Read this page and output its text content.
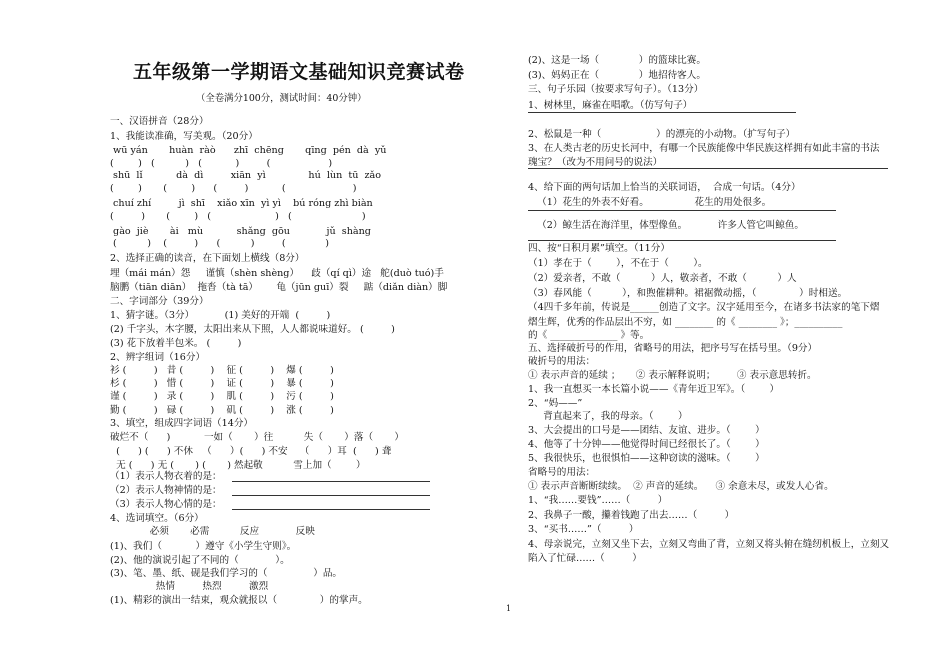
五年级第一学期语文基础知识竞赛试卷
（全卷满分100分，测试时间：40分钟）
一、汉语拼音（28分）
1、我能读准确，写美观。（20分）
wū yán       huàn  ràò      zhī  chēng       qīng  pén  dà  yǔ
(        )   (          )   (           )         (                   )
shū  lǐ           dà  dì         xiān  yì              hú  lùn  tū  zǎo
(        )       (        )      (         )           (                      )
chuí zhí         jì  shī    xiǎo xīn  yì yì    bú róng zhì biàn
(         )       (        )   (                     )   (                       )
gào  jiè       ài   mù           shǎng  gōu            jǔ  shàng
(          )    (         )      (          )         (             )
2、选择正确的读音，在下面划上横线（8分）
埋（mái mán）怨     谨慎（shèn shèng）    歧（qí qì）途   舵(duò tuó)手
脑鹏（tiān diān）  拖沓（tà tā）      龟（jūn guī）裂     踮（diǎn diàn）脚
二、字词部分（39分）
1、猜字谜。（3分）          (1) 美好的开端  (         )
(2) 千字头，木字腰，太阳出来从下照，人人都说味道好。 (         )
(3) 花下放着半包米。 (         )
2、辨字组词（16分）
衫 (         )   昔 (         )    征 (         )    爆 (         )
杉 (         )   惜 (         )    证 (         )    暴 (         )
谨 (         )   录 (         )    肌 (         )    污 (         )
勤 (         )   碌 (         )    矶 (         )    涨 (         )
3、填空，组成四字词语（14分）
破烂不（      )           一如（       ）往          失（       ）落（       ）
(      ) (      ) 不休   （      ）(      ) 不安    （      ）耳  (      ) 聋
无 (      ) 无 (       ) (       ) 然起敬          雪上加（        ）
（1）表示人物衣着的是：
（2）表示人物神情的是：
（3）表示人物心情的是：
4、选词填空。（6分）
必须       必需          反应            反映
(1)、我们（           ）遵守《小学生守则》。
(2)、他的演说引起了不同的（            ）。
(3)、笔、墨、纸、砚是我们学习的（               ）品。
热情         热烈         激烈
(1)、精彩的演出一结束，观众就报以（              ）的掌声。
(2)、这是一场（             ）的篮球比赛。
(3)、妈妈正在（             ）地招待客人。
三、句子乐园（按要求写句子）。（13分）
1、树林里，麻雀在唱歌。（仿写句子）
2、松鼠是一种（                  ）的漂亮的小动物。（扩写句子）
3、在人类古老的历史长河中，有哪一个民族能像中华民族这样拥有如此丰富的书法
瑰宝？（改为不用问号的说法）
4、给下面的两句话加上恰当的关联词语，  合成一句话。（4分）
（1）花生的外表不好看。               花生的用处很多。
（2）鲸生活在海洋里，体型像鱼。          许多人管它叫鲸鱼。
四、按“日积月累”填空。（11分）
（1）孝在于（        ），不在于（        ）。
（2）爱亲者，不敢（          ）人，敬亲者，不敢（          ）人
（3）春风能（          ），和煦催耕种。裙裾微动摇，（              ）时相送。
（4四千多年前，传说是______创造了文字。汉字延用至今，在诸多书法家的笔下熠
熠生辉，优秀的作品层出不穷，如 ________ 的《 ________ 》；__________
的《 ______________ 》等。
五、选择破折号的作用，省略号的用法，把序号写在括号里。（9分）
破折号的用法：
① 表示声音的延续 ；     ② 表示解释说明；       ③ 表示意思转折。
1、我一直想买一本长篇小说——《青年近卫军》。（        ）
2、“妈——”
背直起来了，我的母亲。（        ）
3、大会提出的口号是——团结、友谊、进步。（        ）
4、他等了十分钟——他觉得时间已经很长了。（        ）
5、我很快乐，也很惧怕——这种窃读的滋味。（        ）
省略号的用法：
① 表示声音断断续续。  ② 声音的延续。    ③ 余意未尽，或发人心省。
1、“我……要钱”……（         ）
2、我鼻子一酸，攥着钱跑了出去……（         ）
3、“买书……”（         ）
4、母亲说完，立刻又坐下去，立刻又弯曲了背，立刻又将头俯在缝纫机板上，立刻又
陷入了忙碌……（         ）
1
